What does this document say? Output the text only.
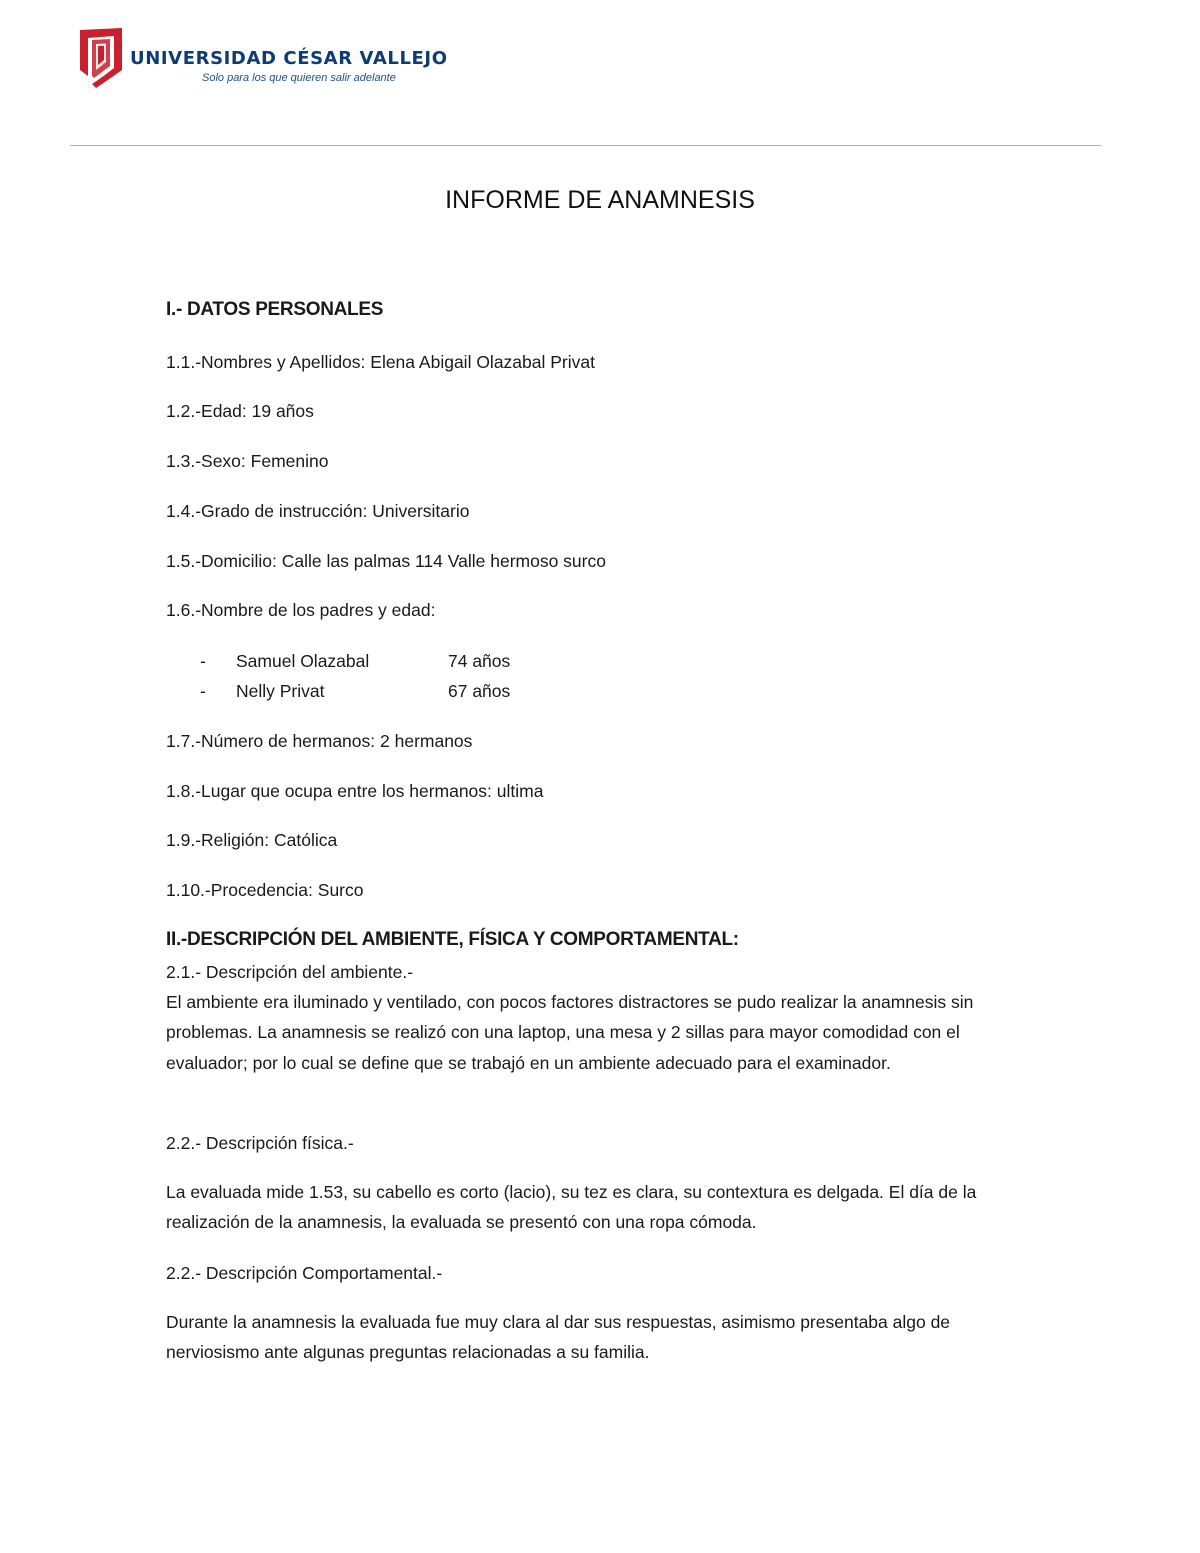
UNIVERSIDAD CÉSAR VALLEJO
Solo para los que quieren salir adelante
INFORME DE ANAMNESIS
I.- DATOS PERSONALES
1.1.-Nombres y Apellidos: Elena Abigail Olazabal Privat
1.2.-Edad: 19 años
1.3.-Sexo: Femenino
1.4.-Grado de instrucción: Universitario
1.5.-Domicilio: Calle las palmas 114 Valle hermoso surco
1.6.-Nombre de los padres y edad:
- Samuel Olazabal	74 años
- Nelly Privat	67 años
1.7.-Número de hermanos: 2 hermanos
1.8.-Lugar que ocupa entre los hermanos: ultima
1.9.-Religión: Católica
1.10.-Procedencia: Surco
II.-DESCRIPCIÓN DEL AMBIENTE, FÍSICA Y COMPORTAMENTAL:
2.1.- Descripción del ambiente.-
El ambiente era iluminado y ventilado, con pocos factores distractores se pudo realizar la anamnesis sin problemas. La anamnesis se realizó con una laptop, una mesa y 2 sillas para mayor comodidad con el evaluador; por lo cual se define que se trabajó en un ambiente adecuado para el examinador.
2.2.- Descripción física.-
La evaluada mide 1.53, su cabello es corto (lacio), su tez es clara, su contextura es delgada. El día de la realización de la anamnesis, la evaluada se presentó con una ropa cómoda.
2.2.- Descripción Comportamental.-
Durante la anamnesis la evaluada fue muy clara al dar sus respuestas, asimismo presentaba algo de nerviosismo ante algunas preguntas relacionadas a su familia.
